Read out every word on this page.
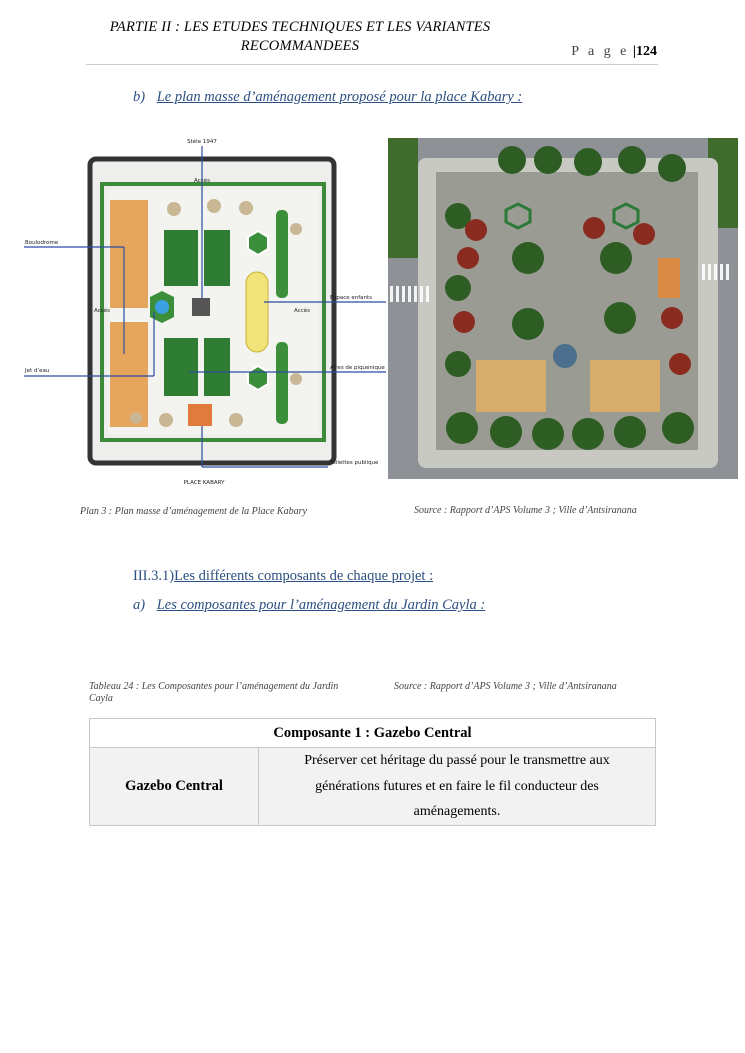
PARTIE II : LES ETUDES TECHNIQUES ET LES VARIANTES
RECOMMANDEES	P a g e |124
b) Le plan masse d’aménagement proposé pour la place Kabary :
Stèle 1947
Accès
Boulodrome
Accès	Accès
Espace enfants
Jet d’eau	Aires de piquenique
Toilettes publique
PLACE KABARY
Plan 3 : Plan masse d’aménagement de la Place Kabary	Source : Rapport d’APS Volume 3 ; Ville d’Antsiranana
III.3.1)Les différents composants de chaque projet :
a) Les composantes pour l’aménagement du Jardin Cayla :
Tableau 24 : Les Composantes pour l’aménagement du Jardin
Cayla
Source : Rapport d’APS Volume 3 ; Ville d’Antsiranana
Composante 1 : Gazebo Central
Gazebo Central	
Préserver cet héritage du passé pour le transmettre aux
générations futures et en faire le fil conducteur des
aménagements.
